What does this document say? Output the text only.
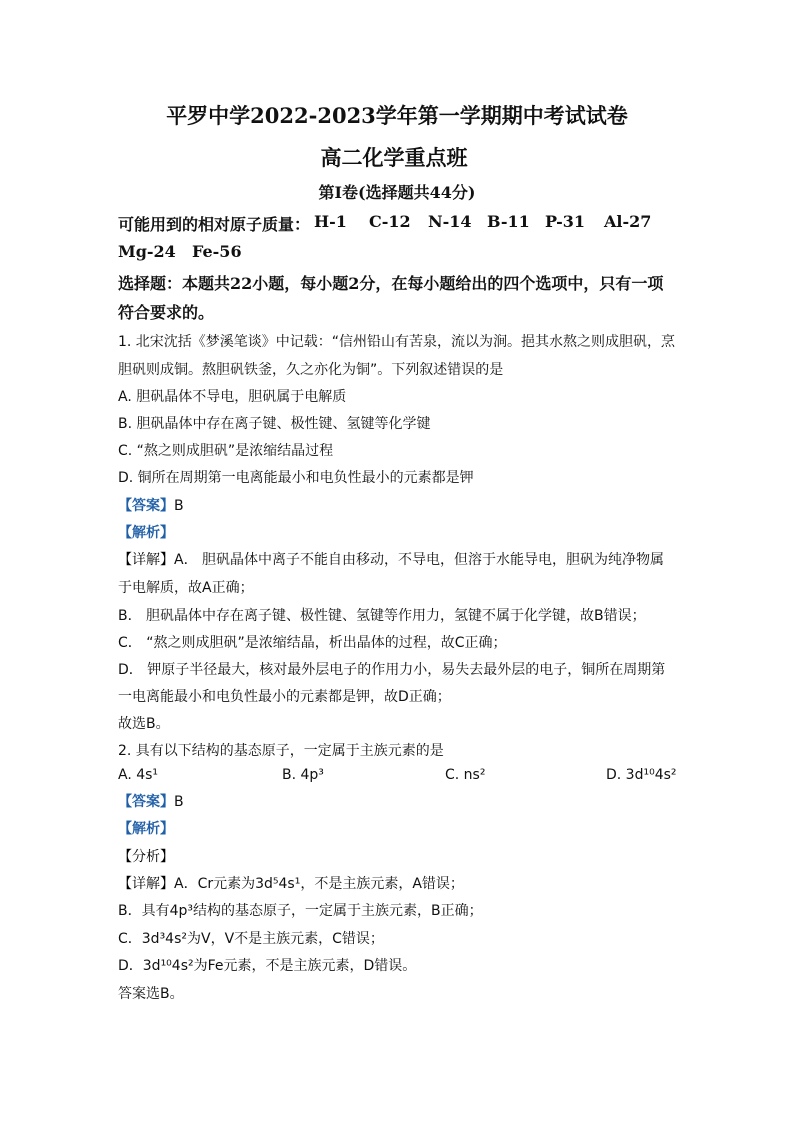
平罗中学2022-2023学年第一学期期中考试试卷
高二化学重点班
第I卷(选择题共44分)
可能用到的相对原子质量： H-1 C-12 N-14 B-11 P-31 Al-27
Mg-24 Fe-56
选择题：本题共22小题，每小题2分，在每小题给出的四个选项中，只有一项
符合要求的。
1. 北宋沈括《梦溪笔谈》中记载：“信州铅山有苦泉，流以为涧。挹其水熬之则成胆矾，烹
胆矾则成铜。熬胆矾铁釜，久之亦化为铜”。下列叙述错误的是
A. 胆矾晶体不导电，胆矾属于电解质
B. 胆矾晶体中存在离子键、极性键、氢键等化学键
C. “熬之则成胆矾”是浓缩结晶过程
D. 铜所在周期第一电离能最小和电负性最小的元素都是钾
【答案】B
【解析】
【详解】A． 胆矾晶体中离子不能自由移动，不导电，但溶于水能导电，胆矾为纯净物属
于电解质，故A正确；
B． 胆矾晶体中存在离子键、极性键、氢键等作用力，氢键不属于化学键，故B错误；
C． “熬之则成胆矾”是浓缩结晶，析出晶体的过程，故C正确；
D． 钾原子半径最大，核对最外层电子的作用力小，易失去最外层的电子，铜所在周期第
一电离能最小和电负性最小的元素都是钾，故D正确；
故选B。
2. 具有以下结构的基态原子，一定属于主族元素的是
A. 4s¹	B. 4p³	C. ns²	D. 3d¹⁰4s²
【答案】B
【解析】
【分析】
【详解】A．Cr元素为3d⁵4s¹，不是主族元素，A错误；
B．具有4p³结构的基态原子，一定属于主族元素，B正确；
C．3d³4s²为V，V不是主族元素，C错误；
D．3d¹⁰4s²为Fe元素，不是主族元素，D错误。
答案选B。
